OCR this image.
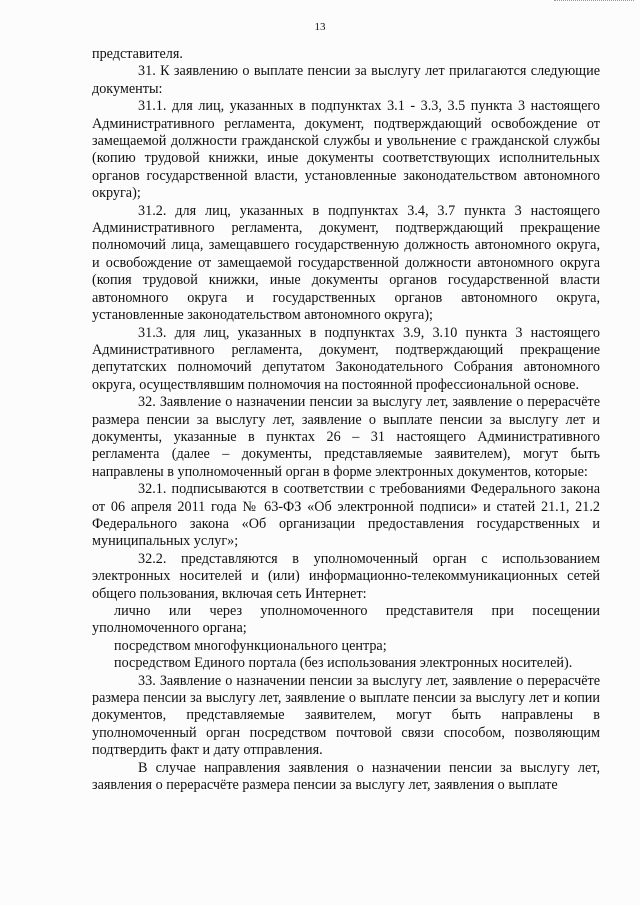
13

представителя.

31. К заявлению о выплате пенсии за выслугу лет прилагаются следующие документы:

31.1. для лиц, указанных в подпунктах 3.1 - 3.3, 3.5 пункта 3 настоящего Административного регламента, документ, подтверждающий освобождение от замещаемой должности гражданской службы и увольнение с гражданской службы (копию трудовой книжки, иные документы соответствующих исполнительных органов государственной власти, установленные законодательством автономного округа);

31.2. для лиц, указанных в подпунктах 3.4, 3.7 пункта 3 настоящего Административного регламента, документ, подтверждающий прекращение полномочий лица, замещавшего государственную должность автономного округа, и освобождение от замещаемой государственной должности автономного округа (копия трудовой книжки, иные документы органов государственной власти автономного округа и государственных органов автономного округа, установленные законодательством автономного округа);

31.3. для лиц, указанных в подпунктах 3.9, 3.10 пункта 3 настоящего Административного регламента, документ, подтверждающий прекращение депутатских полномочий депутатом Законодательного Собрания автономного округа, осуществлявшим полномочия на постоянной профессиональной основе.

32. Заявление о назначении пенсии за выслугу лет, заявление о перерасчёте размера пенсии за выслугу лет, заявление о выплате пенсии за выслугу лет и документы, указанные в пунктах 26 – 31 настоящего Административного регламента (далее – документы, представляемые заявителем), могут быть направлены в уполномоченный орган в форме электронных документов, которые:

32.1. подписываются в соответствии с требованиями Федерального закона от 06 апреля 2011 года № 63-ФЗ «Об электронной подписи» и статей 21.1, 21.2 Федерального закона «Об организации предоставления государственных и муниципальных услуг»;

32.2. представляются в уполномоченный орган с использованием электронных носителей и (или) информационно-телекоммуникационных сетей общего пользования, включая сеть Интернет:

лично или через уполномоченного представителя при посещении уполномоченного органа;

посредством многофункционального центра;

посредством Единого портала (без использования электронных носителей).

33. Заявление о назначении пенсии за выслугу лет, заявление о перерасчёте размера пенсии за выслугу лет, заявление о выплате пенсии за выслугу лет и копии документов, представляемые заявителем, могут быть направлены в уполномоченный орган посредством почтовой связи способом, позволяющим подтвердить факт и дату отправления.

В случае направления заявления о назначении пенсии за выслугу лет, заявления о перерасчёте размера пенсии за выслугу лет, заявления о выплате
